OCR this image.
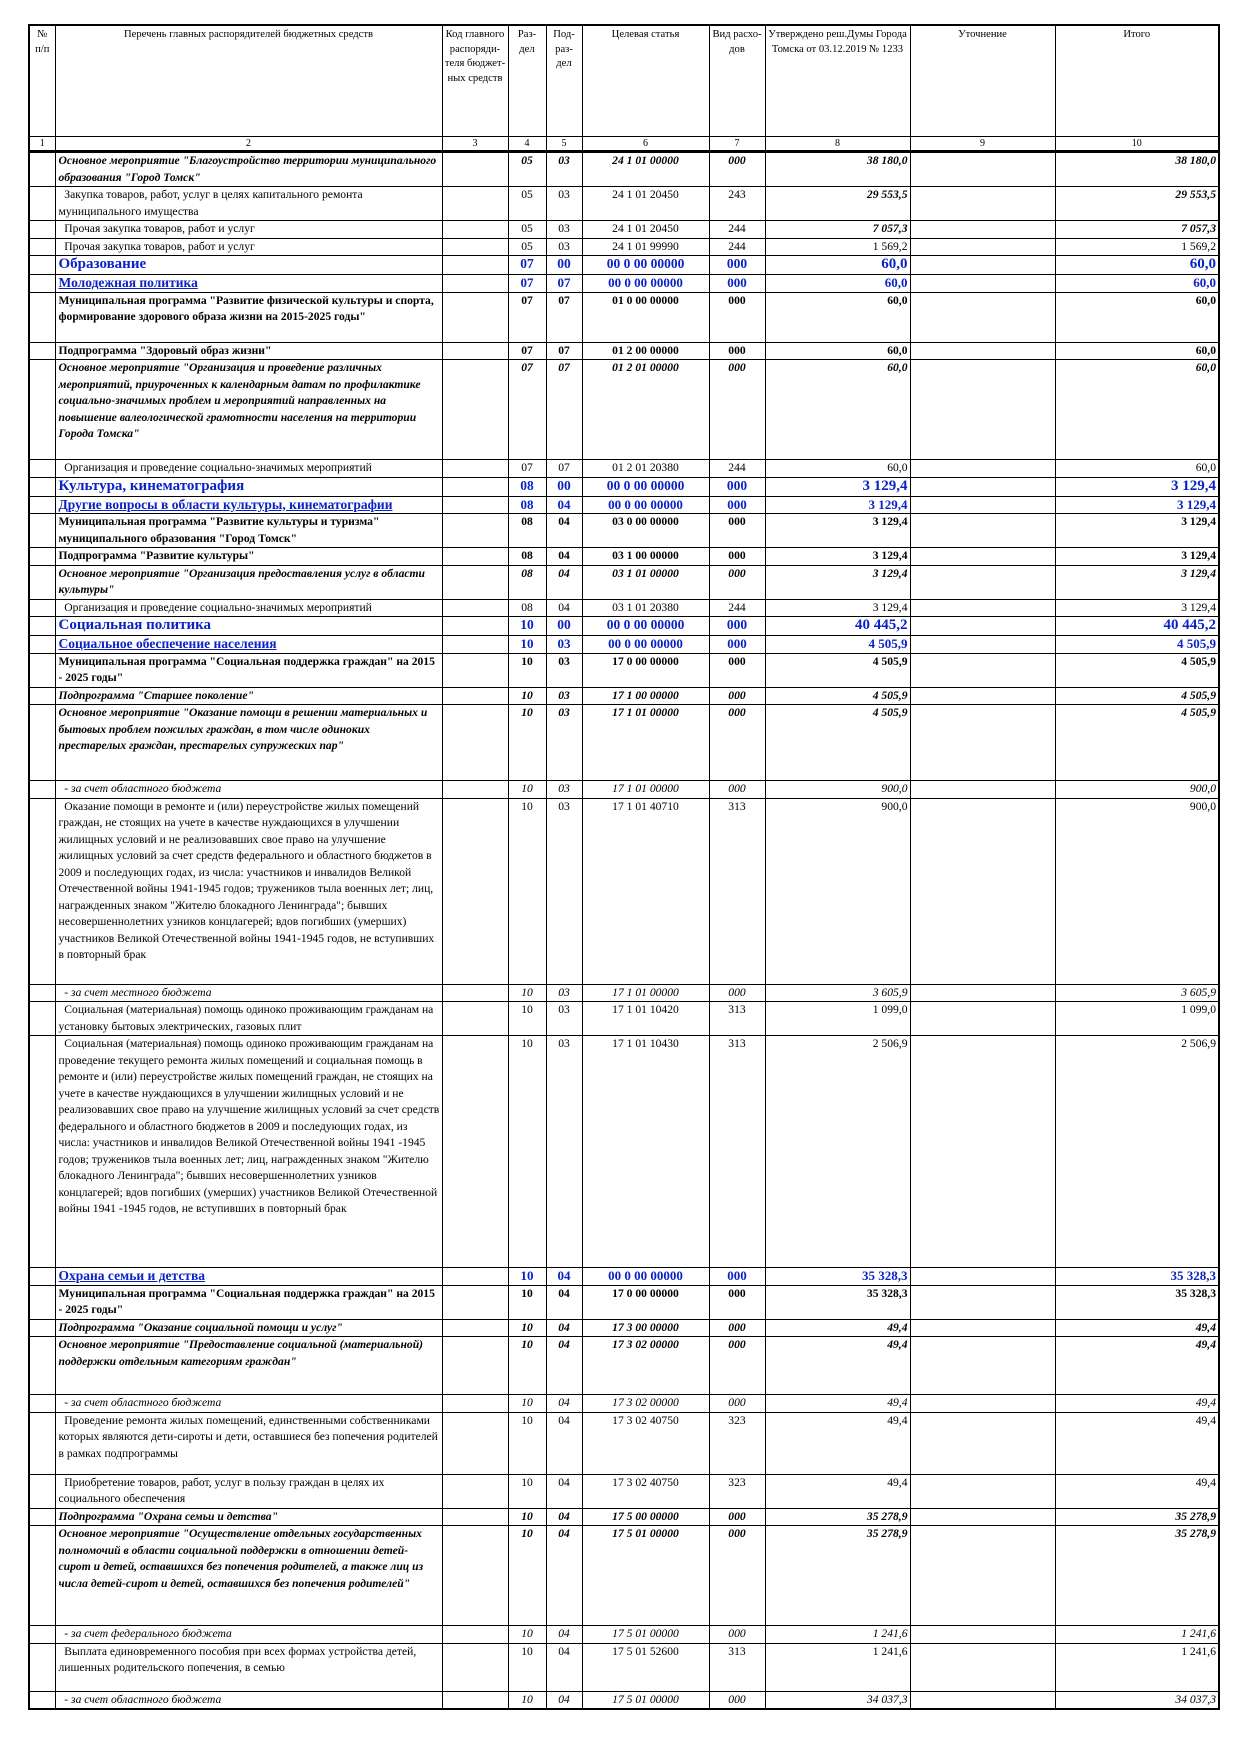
№ п/п	Перечень главных распорядителей бюджетных средств	Код главного распоряди-теля бюджет-ных средств	Раз-дел	Под-раз-дел	Целевая статья	Вид расхо-дов	Утверждено реш.Думы Города Томска от 03.12.2019 № 1233	Уточнение	Итого
1	2	3	4	5	6	7	8	9	10
	Основное мероприятие "Благоустройство территории муниципального образования "Город Томск"		05	03	24 1 01 00000	000	38 180,0		38 180,0
	Закупка товаров, работ, услуг в целях капитального ремонта муниципального имущества		05	03	24 1 01 20450	243	29 553,5		29 553,5
	Прочая закупка товаров, работ и услуг		05	03	24 1 01 20450	244	7 057,3		7 057,3
	Прочая закупка товаров, работ и услуг		05	03	24 1 01 99990	244	1 569,2		1 569,2
	Образование		07	00	00 0 00 00000	000	60,0		60,0
	Молодежная политика		07	07	00 0 00 00000	000	60,0		60,0
	Муниципальная программа "Развитие физической культуры и спорта, формирование здорового образа жизни на 2015-2025 годы"		07	07	01 0 00 00000	000	60,0		60,0
	Подпрограмма "Здоровый образ жизни"		07	07	01 2 00 00000	000	60,0		60,0
	Основное мероприятие "Организация и проведение различных мероприятий, приуроченных к календарным датам по профилактике социально-значимых проблем и мероприятий направленных на повышение валеологической грамотности населения на территории Города Томска"		07	07	01 2 01 00000	000	60,0		60,0
	Организация и проведение социально-значимых мероприятий		07	07	01 2 01 20380	244	60,0		60,0
	Культура, кинематография		08	00	00 0 00 00000	000	3 129,4		3 129,4
	Другие вопросы в области культуры, кинематографии		08	04	00 0 00 00000	000	3 129,4		3 129,4
	Муниципальная программа "Развитие культуры и туризма" муниципального образования "Город Томск"		08	04	03 0 00 00000	000	3 129,4		3 129,4
	Подпрограмма "Развитие культуры"		08	04	03 1 00 00000	000	3 129,4		3 129,4
	Основное мероприятие "Организация предоставления услуг в области культуры"		08	04	03 1 01 00000	000	3 129,4		3 129,4
	Организация и проведение социально-значимых мероприятий		08	04	03 1 01 20380	244	3 129,4		3 129,4
	Социальная политика		10	00	00 0 00 00000	000	40 445,2		40 445,2
	Социальное обеспечение населения		10	03	00 0 00 00000	000	4 505,9		4 505,9
	Муниципальная программа "Социальная поддержка граждан" на 2015 - 2025 годы"		10	03	17 0 00 00000	000	4 505,9		4 505,9
	Подпрограмма "Старшее поколение"		10	03	17 1 00 00000	000	4 505,9		4 505,9
	Основное мероприятие "Оказание помощи в решении материальных и бытовых проблем пожилых граждан, в том числе одиноких престарелых граждан, престарелых супружеских пар"		10	03	17 1 01 00000	000	4 505,9		4 505,9
	- за счет областного бюджета		10	03	17 1 01 00000	000	900,0		900,0
	Оказание помощи в ремонте и (или) переустройстве жилых помещений граждан, не стоящих на учете в качестве нуждающихся в улучшении жилищных условий и не реализовавших свое право на улучшение жилищных условий за счет средств федерального и областного бюджетов в 2009 и последующих годах, из числа: участников и инвалидов Великой Отечественной войны 1941-1945 годов; тружеников тыла военных лет; лиц, награжденных знаком "Жителю блокадного Ленинграда"; бывших несовершеннолетних узников концлагерей; вдов погибших (умерших) участников Великой Отечественной войны 1941-1945 годов, не вступивших в повторный брак		10	03	17 1 01 40710	313	900,0		900,0
	- за счет местного бюджета		10	03	17 1 01 00000	000	3 605,9		3 605,9
	Социальная (материальная) помощь одиноко проживающим гражданам на установку бытовых электрических, газовых плит		10	03	17 1 01 10420	313	1 099,0		1 099,0
	Социальная (материальная) помощь одиноко проживающим гражданам на проведение текущего ремонта жилых помещений и социальная помощь в ремонте и (или) переустройстве жилых помещений граждан, не стоящих на учете в качестве нуждающихся в улучшении жилищных условий и не реализовавших свое право на улучшение жилищных условий за счет средств федерального и областного бюджетов в 2009 и последующих годах, из числа: участников и инвалидов Великой Отечественной войны 1941 -1945 годов; тружеников тыла военных лет; лиц, награжденных знаком "Жителю блокадного Ленинграда"; бывших несовершеннолетних узников концлагерей; вдов погибших (умерших) участников Великой Отечественной войны 1941 -1945 годов, не вступивших в повторный брак		10	03	17 1 01 10430	313	2 506,9		2 506,9
	Охрана семьи и детства		10	04	00 0 00 00000	000	35 328,3		35 328,3
	Муниципальная программа "Социальная поддержка граждан" на 2015 - 2025 годы"		10	04	17 0 00 00000	000	35 328,3		35 328,3
	Подпрограмма "Оказание социальной помощи и услуг"		10	04	17 3 00 00000	000	49,4		49,4
	Основное мероприятие "Предоставление социальной (материальной) поддержки отдельным категориям граждан"		10	04	17 3 02 00000	000	49,4		49,4
	- за счет областного бюджета		10	04	17 3 02 00000	000	49,4		49,4
	Проведение ремонта жилых помещений, единственными собственниками которых являются дети-сироты и дети, оставшиеся без попечения родителей в рамках подпрограммы		10	04	17 3 02 40750	323	49,4		49,4
	Приобретение товаров, работ, услуг в пользу граждан в целях их социального обеспечения		10	04	17 3 02 40750	323	49,4		49,4
	Подпрограмма "Охрана семьи и детства"		10	04	17 5 00 00000	000	35 278,9		35 278,9
	Основное мероприятие "Осуществление отдельных государственных полномочий в области социальной поддержки в отношении детей-сирот и детей, оставшихся без попечения родителей, а также лиц из числа детей-сирот и детей, оставшихся без попечения родителей"		10	04	17 5 01 00000	000	35 278,9		35 278,9
	- за счет федерального бюджета		10	04	17 5 01 00000	000	1 241,6		1 241,6
	Выплата единовременного пособия при всех формах устройства детей, лишенных родительского попечения, в семью		10	04	17 5 01 52600	313	1 241,6		1 241,6
	- за счет областного бюджета		10	04	17 5 01 00000	000	34 037,3		34 037,3
